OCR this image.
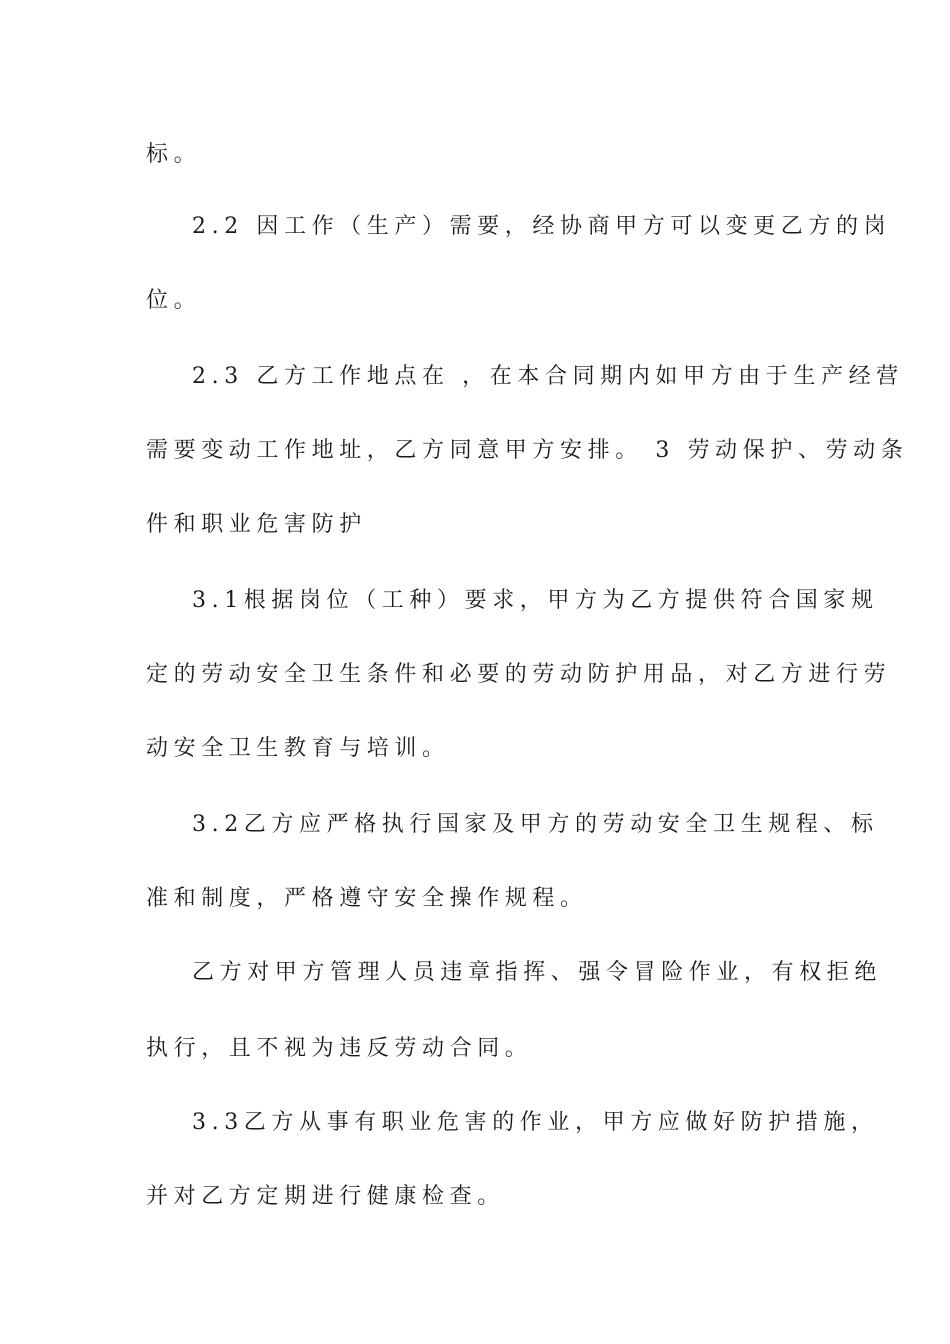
标。
2.2 因工作（生产）需要，经协商甲方可以变更乙方的岗
位。
2.3 乙方工作地点在 ，在本合同期内如甲方由于生产经营
需要变动工作地址，乙方同意甲方安排。 3 劳动保护、劳动条
件和职业危害防护
3.1根据岗位（工种）要求，甲方为乙方提供符合国家规
定的劳动安全卫生条件和必要的劳动防护用品，对乙方进行劳
动安全卫生教育与培训。
3.2乙方应严格执行国家及甲方的劳动安全卫生规程、标
准和制度，严格遵守安全操作规程。
乙方对甲方管理人员违章指挥、强令冒险作业，有权拒绝
执行，且不视为违反劳动合同。
3.3乙方从事有职业危害的作业，甲方应做好防护措施，
并对乙方定期进行健康检查。
